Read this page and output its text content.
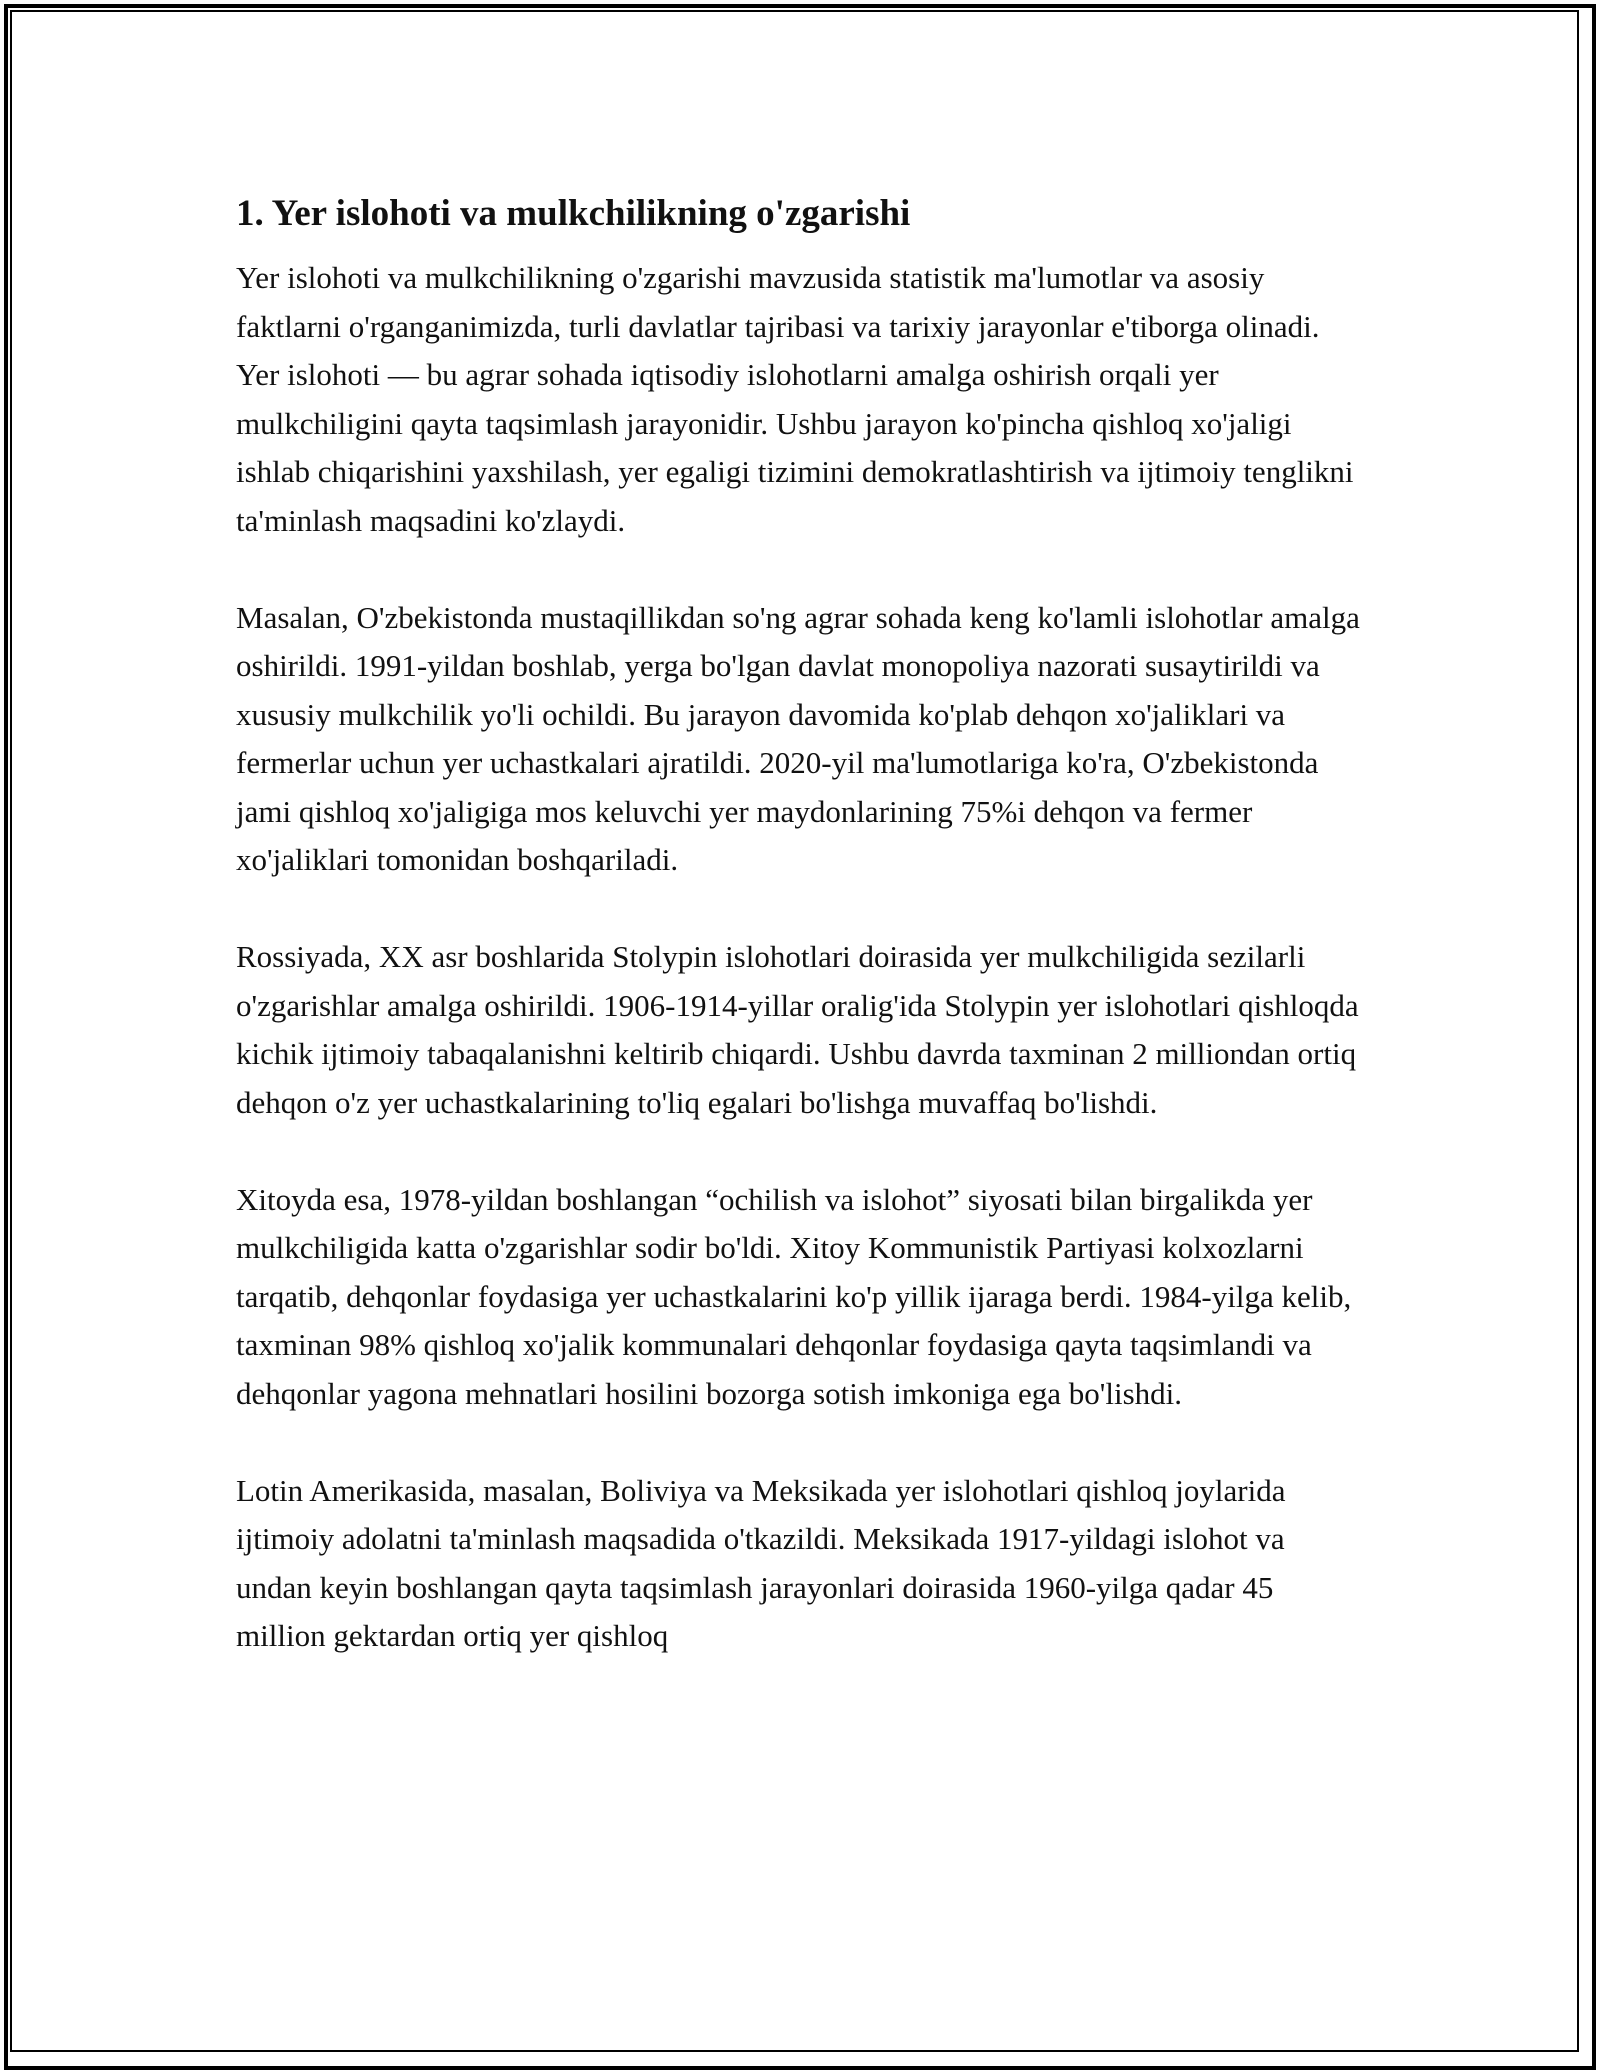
1. Yer islohoti va mulkchilikning o'zgarishi

Yer islohoti va mulkchilikning o'zgarishi mavzusida statistik ma'lumotlar va asosiy faktlarni o'rganganimizda, turli davlatlar tajribasi va tarixiy jarayonlar e'tiborga olinadi. Yer islohoti — bu agrar sohada iqtisodiy islohotlarni amalga oshirish orqali yer mulkchiligini qayta taqsimlash jarayonidir. Ushbu jarayon ko'pincha qishloq xo'jaligi ishlab chiqarishini yaxshilash, yer egaligi tizimini demokratlashtirish va ijtimoiy tenglikni ta'minlash maqsadini ko'zlaydi.

Masalan, O'zbekistonda mustaqillikdan so'ng agrar sohada keng ko'lamli islohotlar amalga oshirildi. 1991-yildan boshlab, yerga bo'lgan davlat monopoliya nazorati susaytirildi va xususiy mulkchilik yo'li ochildi. Bu jarayon davomida ko'plab dehqon xo'jaliklari va fermerlar uchun yer uchastkalari ajratildi. 2020-yil ma'lumotlariga ko'ra, O'zbekistonda jami qishloq xo'jaligiga mos keluvchi yer maydonlarining 75%i dehqon va fermer xo'jaliklari tomonidan boshqariladi.

Rossiyada, XX asr boshlarida Stolypin islohotlari doirasida yer mulkchiligida sezilarli o'zgarishlar amalga oshirildi. 1906-1914-yillar oralig'ida Stolypin yer islohotlari qishloqda kichik ijtimoiy tabaqalanishni keltirib chiqardi. Ushbu davrda taxminan 2 milliondan ortiq dehqon o'z yer uchastkalarining to'liq egalari bo'lishga muvaffaq bo'lishdi.

Xitoyda esa, 1978-yildan boshlangan “ochilish va islohot” siyosati bilan birgalikda yer mulkchiligida katta o'zgarishlar sodir bo'ldi. Xitoy Kommunistik Partiyasi kolxozlarni tarqatib, dehqonlar foydasiga yer uchastkalarini ko'p yillik ijaraga berdi. 1984-yilga kelib, taxminan 98% qishloq xo'jalik kommunalari dehqonlar foydasiga qayta taqsimlandi va dehqonlar yagona mehnatlari hosilini bozorga sotish imkoniga ega bo'lishdi.

Lotin Amerikasida, masalan, Boliviya va Meksikada yer islohotlari qishloq joylarida ijtimoiy adolatni ta'minlash maqsadida o'tkazildi. Meksikada 1917-yildagi islohot va undan keyin boshlangan qayta taqsimlash jarayonlari doirasida 1960-yilga qadar 45 million gektardan ortiq yer qishloq
